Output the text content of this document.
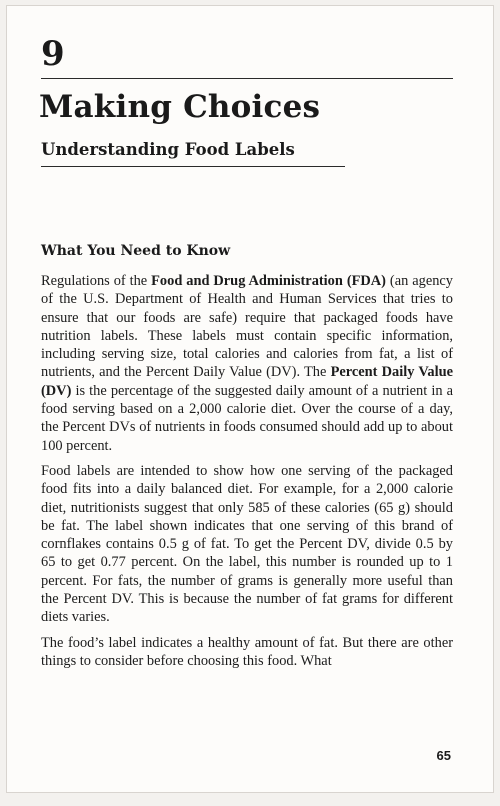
9
Making Choices
Understanding Food Labels
What You Need to Know

Regulations of the Food and Drug Administration (FDA) (an agency of the U.S. Department of Health and Human Services that tries to ensure that our foods are safe) require that packaged foods have nutrition labels. These labels must contain specific information, including serving size, total calories and calories from fat, a list of nutrients, and the Percent Daily Value (DV). The Percent Daily Value (DV) is the percentage of the suggested daily amount of a nutrient in a food serving based on a 2,000 calorie diet. Over the course of a day, the Percent DVs of nutrients in foods consumed should add up to about 100 percent.

Food labels are intended to show how one serving of the packaged food fits into a daily balanced diet. For example, for a 2,000 calorie diet, nutritionists suggest that only 585 of these calories (65 g) should be fat. The label shown indicates that one serving of this brand of cornflakes contains 0.5 g of fat. To get the Percent DV, divide 0.5 by 65 to get 0.77 percent. On the label, this number is rounded up to 1 percent. For fats, the number of grams is generally more useful than the Percent DV. This is because the number of fat grams for different diets varies.

The food’s label indicates a healthy amount of fat. But there are other things to consider before choosing this food. What

65
